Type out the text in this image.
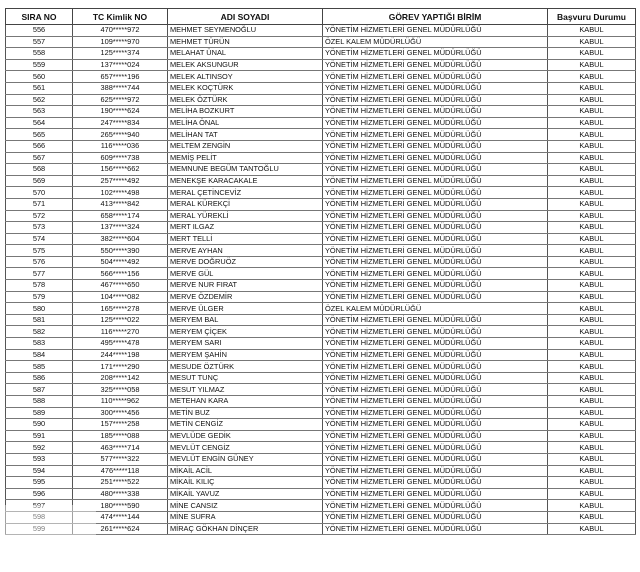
SIRA NO	TC Kimlik NO	ADI SOYADI	GÖREV YAPTIĞI BİRİM	Başvuru Durumu
556	470*****972	MEHMET SEYMENOĞLU	YÖNETİM HİZMETLERİ GENEL MÜDÜRLÜĞÜ	KABUL
557	109*****970	MEHMET TÜRÜN	ÖZEL KALEM MÜDÜRLÜĞÜ	KABUL
558	125*****374	MELAHAT ÜNAL	YÖNETİM HİZMETLERİ GENEL MÜDÜRLÜĞÜ	KABUL
559	137*****024	MELEK AKSUNGUR	YÖNETİM HİZMETLERİ GENEL MÜDÜRLÜĞÜ	KABUL
560	657*****196	MELEK ALTINSOY	YÖNETİM HİZMETLERİ GENEL MÜDÜRLÜĞÜ	KABUL
561	388*****744	MELEK KOÇTÜRK	YÖNETİM HİZMETLERİ GENEL MÜDÜRLÜĞÜ	KABUL
562	625*****972	MELEK ÖZTÜRK	YÖNETİM HİZMETLERİ GENEL MÜDÜRLÜĞÜ	KABUL
563	190*****624	MELİHA BOZKURT	YÖNETİM HİZMETLERİ GENEL MÜDÜRLÜĞÜ	KABUL
564	247*****834	MELİHA ÖNAL	YÖNETİM HİZMETLERİ GENEL MÜDÜRLÜĞÜ	KABUL
565	265*****940	MELİHAN TAT	YÖNETİM HİZMETLERİ GENEL MÜDÜRLÜĞÜ	KABUL
566	116*****036	MELTEM ZENGİN	YÖNETİM HİZMETLERİ GENEL MÜDÜRLÜĞÜ	KABUL
567	609*****738	MEMİŞ PELİT	YÖNETİM HİZMETLERİ GENEL MÜDÜRLÜĞÜ	KABUL
568	156*****662	MEMNUNE BEGÜM TANTOĞLU	YÖNETİM HİZMETLERİ GENEL MÜDÜRLÜĞÜ	KABUL
569	257*****492	MENEKŞE KARACAKALE	YÖNETİM HİZMETLERİ GENEL MÜDÜRLÜĞÜ	KABUL
570	102*****498	MERAL ÇETİNCEVİZ	YÖNETİM HİZMETLERİ GENEL MÜDÜRLÜĞÜ	KABUL
571	413*****842	MERAL KÜREKÇİ	YÖNETİM HİZMETLERİ GENEL MÜDÜRLÜĞÜ	KABUL
572	658*****174	MERAL YÜREKLİ	YÖNETİM HİZMETLERİ GENEL MÜDÜRLÜĞÜ	KABUL
573	137*****324	MERT ILGAZ	YÖNETİM HİZMETLERİ GENEL MÜDÜRLÜĞÜ	KABUL
574	382*****604	MERT TELLİ	YÖNETİM HİZMETLERİ GENEL MÜDÜRLÜĞÜ	KABUL
575	550*****390	MERVE AYHAN	YÖNETİM HİZMETLERİ GENEL MÜDÜRLÜĞÜ	KABUL
576	504*****492	MERVE DOĞRUÖZ	YÖNETİM HİZMETLERİ GENEL MÜDÜRLÜĞÜ	KABUL
577	566*****156	MERVE GÜL	YÖNETİM HİZMETLERİ GENEL MÜDÜRLÜĞÜ	KABUL
578	467*****650	MERVE NUR FIRAT	YÖNETİM HİZMETLERİ GENEL MÜDÜRLÜĞÜ	KABUL
579	104*****082	MERVE ÖZDEMİR	YÖNETİM HİZMETLERİ GENEL MÜDÜRLÜĞÜ	KABUL
580	165*****278	MERVE ÜLGER	ÖZEL KALEM MÜDÜRLÜĞÜ	KABUL
581	125*****022	MERYEM BAL	YÖNETİM HİZMETLERİ GENEL MÜDÜRLÜĞÜ	KABUL
582	116*****270	MERYEM ÇİÇEK	YÖNETİM HİZMETLERİ GENEL MÜDÜRLÜĞÜ	KABUL
583	495*****478	MERYEM SARI	YÖNETİM HİZMETLERİ GENEL MÜDÜRLÜĞÜ	KABUL
584	244*****198	MERYEM ŞAHİN	YÖNETİM HİZMETLERİ GENEL MÜDÜRLÜĞÜ	KABUL
585	171*****290	MESUDE ÖZTÜRK	YÖNETİM HİZMETLERİ GENEL MÜDÜRLÜĞÜ	KABUL
586	208*****142	MESUT TUNÇ	YÖNETİM HİZMETLERİ GENEL MÜDÜRLÜĞÜ	KABUL
587	325*****058	MESUT YILMAZ	YÖNETİM HİZMETLERİ GENEL MÜDÜRLÜĞÜ	KABUL
588	110*****962	METEHAN KARA	YÖNETİM HİZMETLERİ GENEL MÜDÜRLÜĞÜ	KABUL
589	300*****456	METİN BUZ	YÖNETİM HİZMETLERİ GENEL MÜDÜRLÜĞÜ	KABUL
590	157*****258	METİN CENGİZ	YÖNETİM HİZMETLERİ GENEL MÜDÜRLÜĞÜ	KABUL
591	185*****088	MEVLÜDE GEDİK	YÖNETİM HİZMETLERİ GENEL MÜDÜRLÜĞÜ	KABUL
592	463*****714	MEVLÜT CENGİZ	YÖNETİM HİZMETLERİ GENEL MÜDÜRLÜĞÜ	KABUL
593	577*****322	MEVLÜT ENGİN GÜNEY	YÖNETİM HİZMETLERİ GENEL MÜDÜRLÜĞÜ	KABUL
594	476*****118	MİKAİL ACİL	YÖNETİM HİZMETLERİ GENEL MÜDÜRLÜĞÜ	KABUL
595	251*****522	MİKAİL KILIÇ	YÖNETİM HİZMETLERİ GENEL MÜDÜRLÜĞÜ	KABUL
596	480*****338	MİKAİL YAVUZ	YÖNETİM HİZMETLERİ GENEL MÜDÜRLÜĞÜ	KABUL
597	180*****590	MİNE CANSIZ	YÖNETİM HİZMETLERİ GENEL MÜDÜRLÜĞÜ	KABUL
598	474*****144	MİNE SUFRA	YÖNETİM HİZMETLERİ GENEL MÜDÜRLÜĞÜ	KABUL
599	261*****624	MİRAÇ GÖKHAN DİNÇER	YÖNETİM HİZMETLERİ GENEL MÜDÜRLÜĞÜ	KABUL
